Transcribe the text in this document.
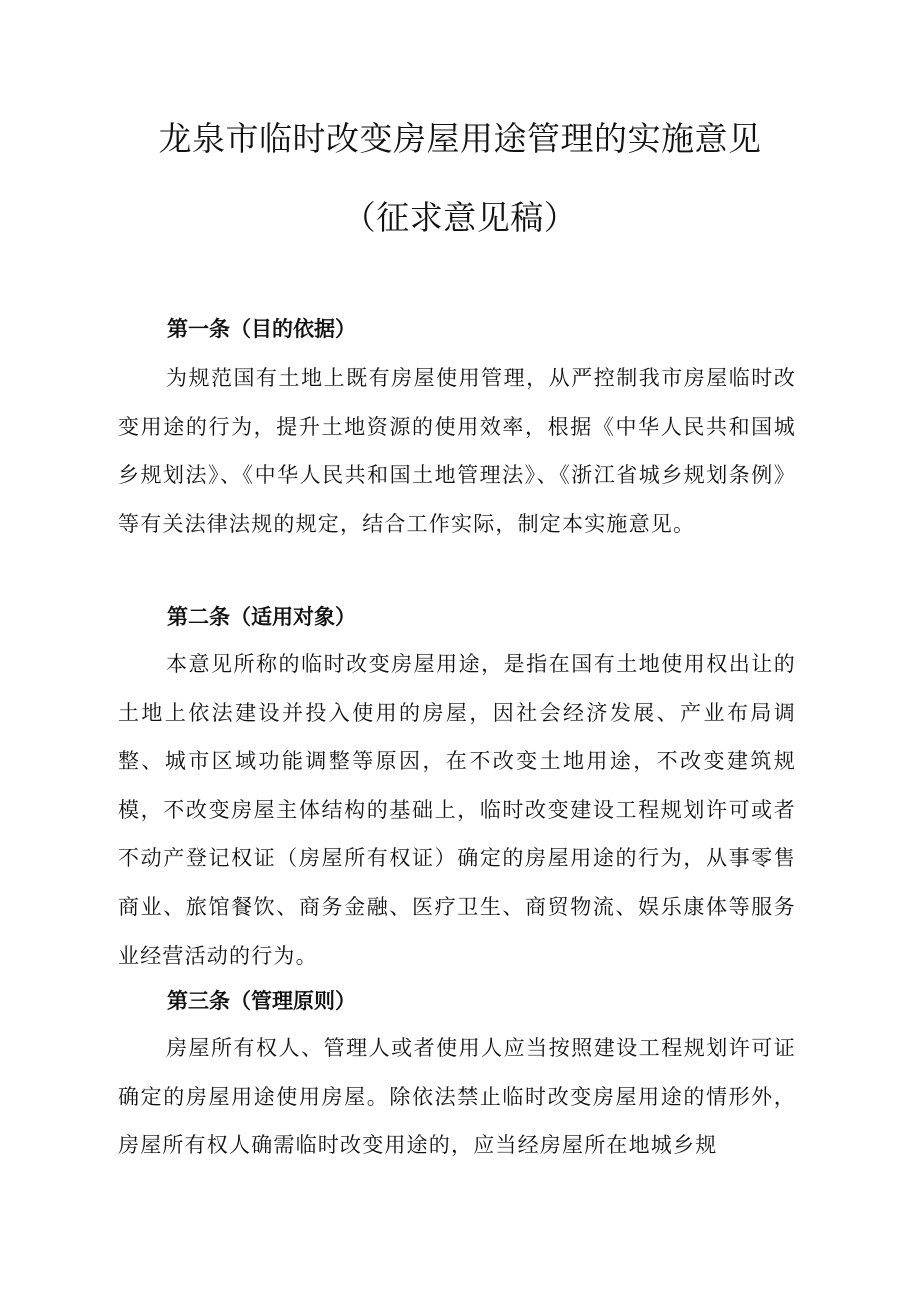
龙泉市临时改变房屋用途管理的实施意见
（征求意见稿）
第一条（目的依据）

为规范国有土地上既有房屋使用管理，从严控制我市房屋临时改变用途的行为，提升土地资源的使用效率，根据《中华人民共和国城乡规划法》、《中华人民共和国土地管理法》、《浙江省城乡规划条例》等有关法律法规的规定，结合工作实际，制定本实施意见。

第二条（适用对象）

本意见所称的临时改变房屋用途，是指在国有土地使用权出让的土地上依法建设并投入使用的房屋，因社会经济发展、产业布局调整、城市区域功能调整等原因，在不改变土地用途，不改变建筑规模，不改变房屋主体结构的基础上，临时改变建设工程规划许可或者不动产登记权证（房屋所有权证）确定的房屋用途的行为，从事零售商业、旅馆餐饮、商务金融、医疗卫生、商贸物流、娱乐康体等服务业经营活动的行为。

第三条（管理原则）

房屋所有权人、管理人或者使用人应当按照建设工程规划许可证确定的房屋用途使用房屋。除依法禁止临时改变房屋用途的情形外，房屋所有权人确需临时改变用途的，应当经房屋所在地城乡规
